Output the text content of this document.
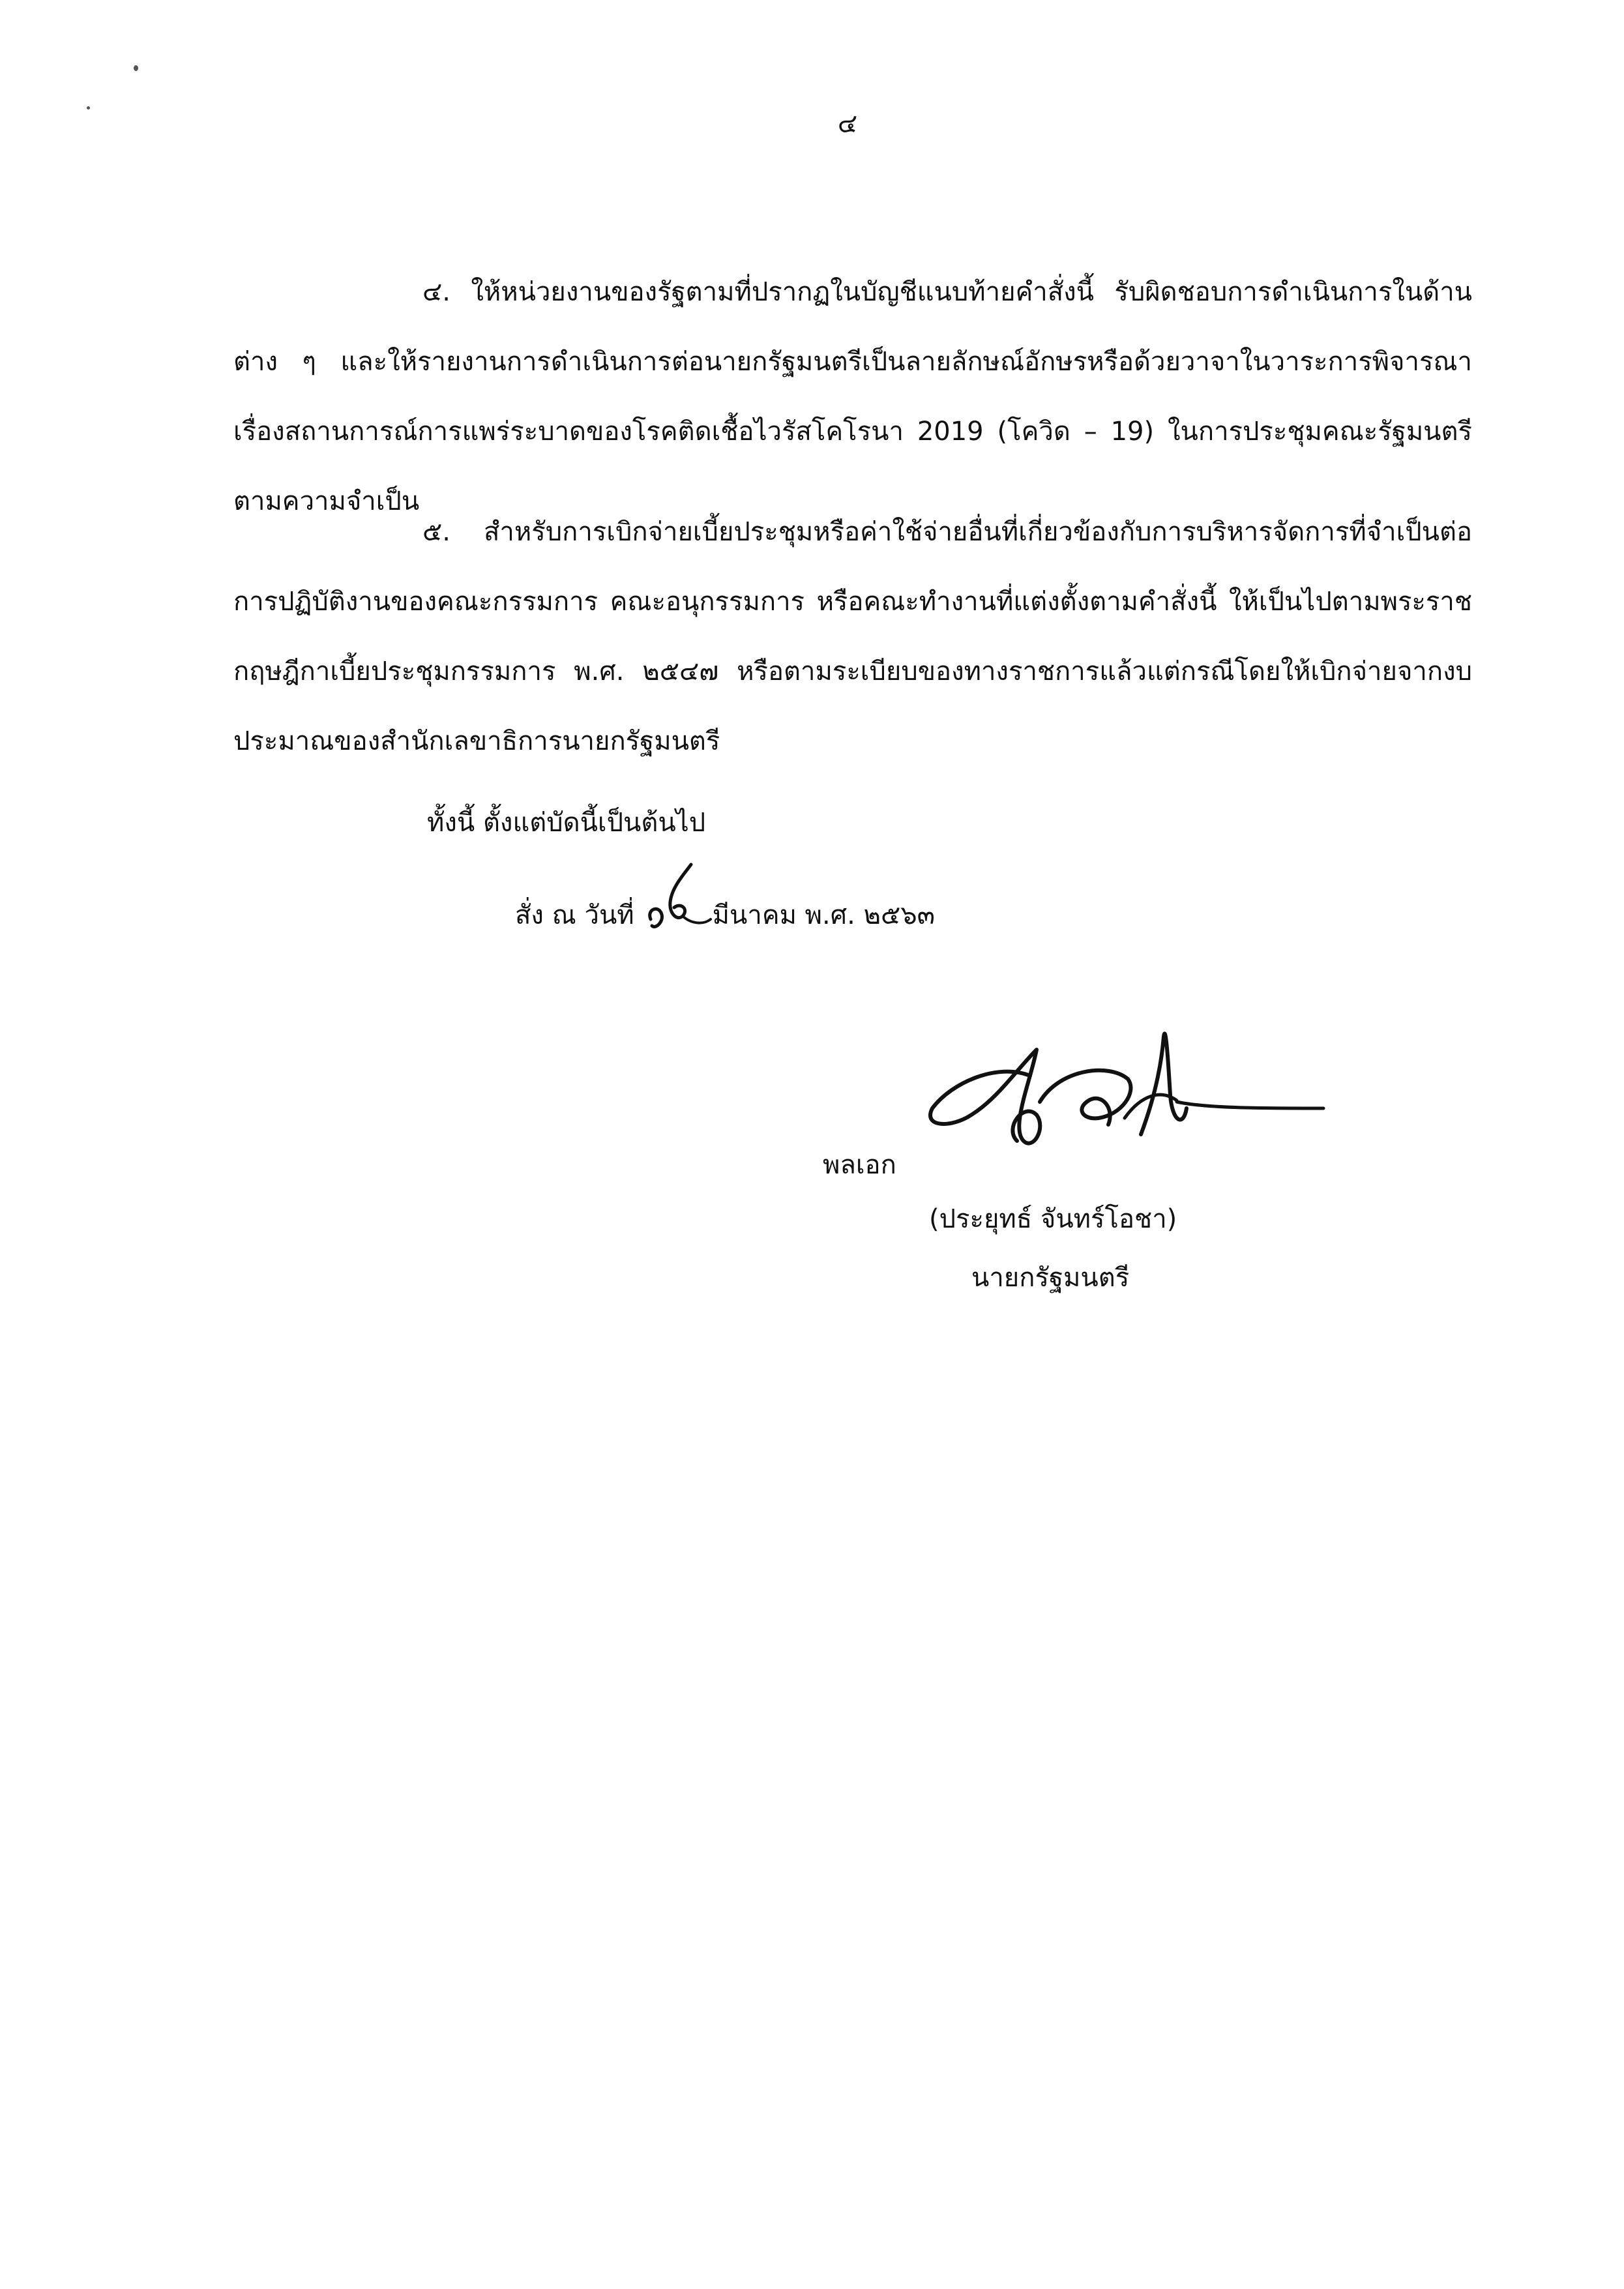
๔
๔. ให้หน่วยงานของรัฐตามที่ปรากฏในบัญชีแนบท้ายคำสั่งนี้ รับผิดชอบการดำเนินการในด้านต่าง ๆ และให้รายงานการดำเนินการต่อนายกรัฐมนตรีเป็นลายลักษณ์อักษรหรือด้วยวาจาในวาระการพิจารณาเรื่องสถานการณ์การแพร่ระบาดของโรคติดเชื้อไวรัสโคโรนา 2019 (โควิด – 19) ในการประชุมคณะรัฐมนตรีตามความจำเป็น
๕. สำหรับการเบิกจ่ายเบี้ยประชุมหรือค่าใช้จ่ายอื่นที่เกี่ยวข้องกับการบริหารจัดการที่จำเป็นต่อการปฏิบัติงานของคณะกรรมการ คณะอนุกรรมการ หรือคณะทำงานที่แต่งตั้งตามคำสั่งนี้ ให้เป็นไปตามพระราชกฤษฎีกาเบี้ยประชุมกรรมการ พ.ศ. ๒๕๔๗ หรือตามระเบียบของทางราชการแล้วแต่กรณีโดยให้เบิกจ่ายจากงบประมาณของสำนักเลขาธิการนายกรัฐมนตรี
ทั้งนี้ ตั้งแต่บัดนี้เป็นต้นไป
สั่ง ณ วันที่	มีนาคม พ.ศ. ๒๕๖๓
พลเอก
(ประยุทธ์ จันทร์โอชา)
นายกรัฐมนตรี
